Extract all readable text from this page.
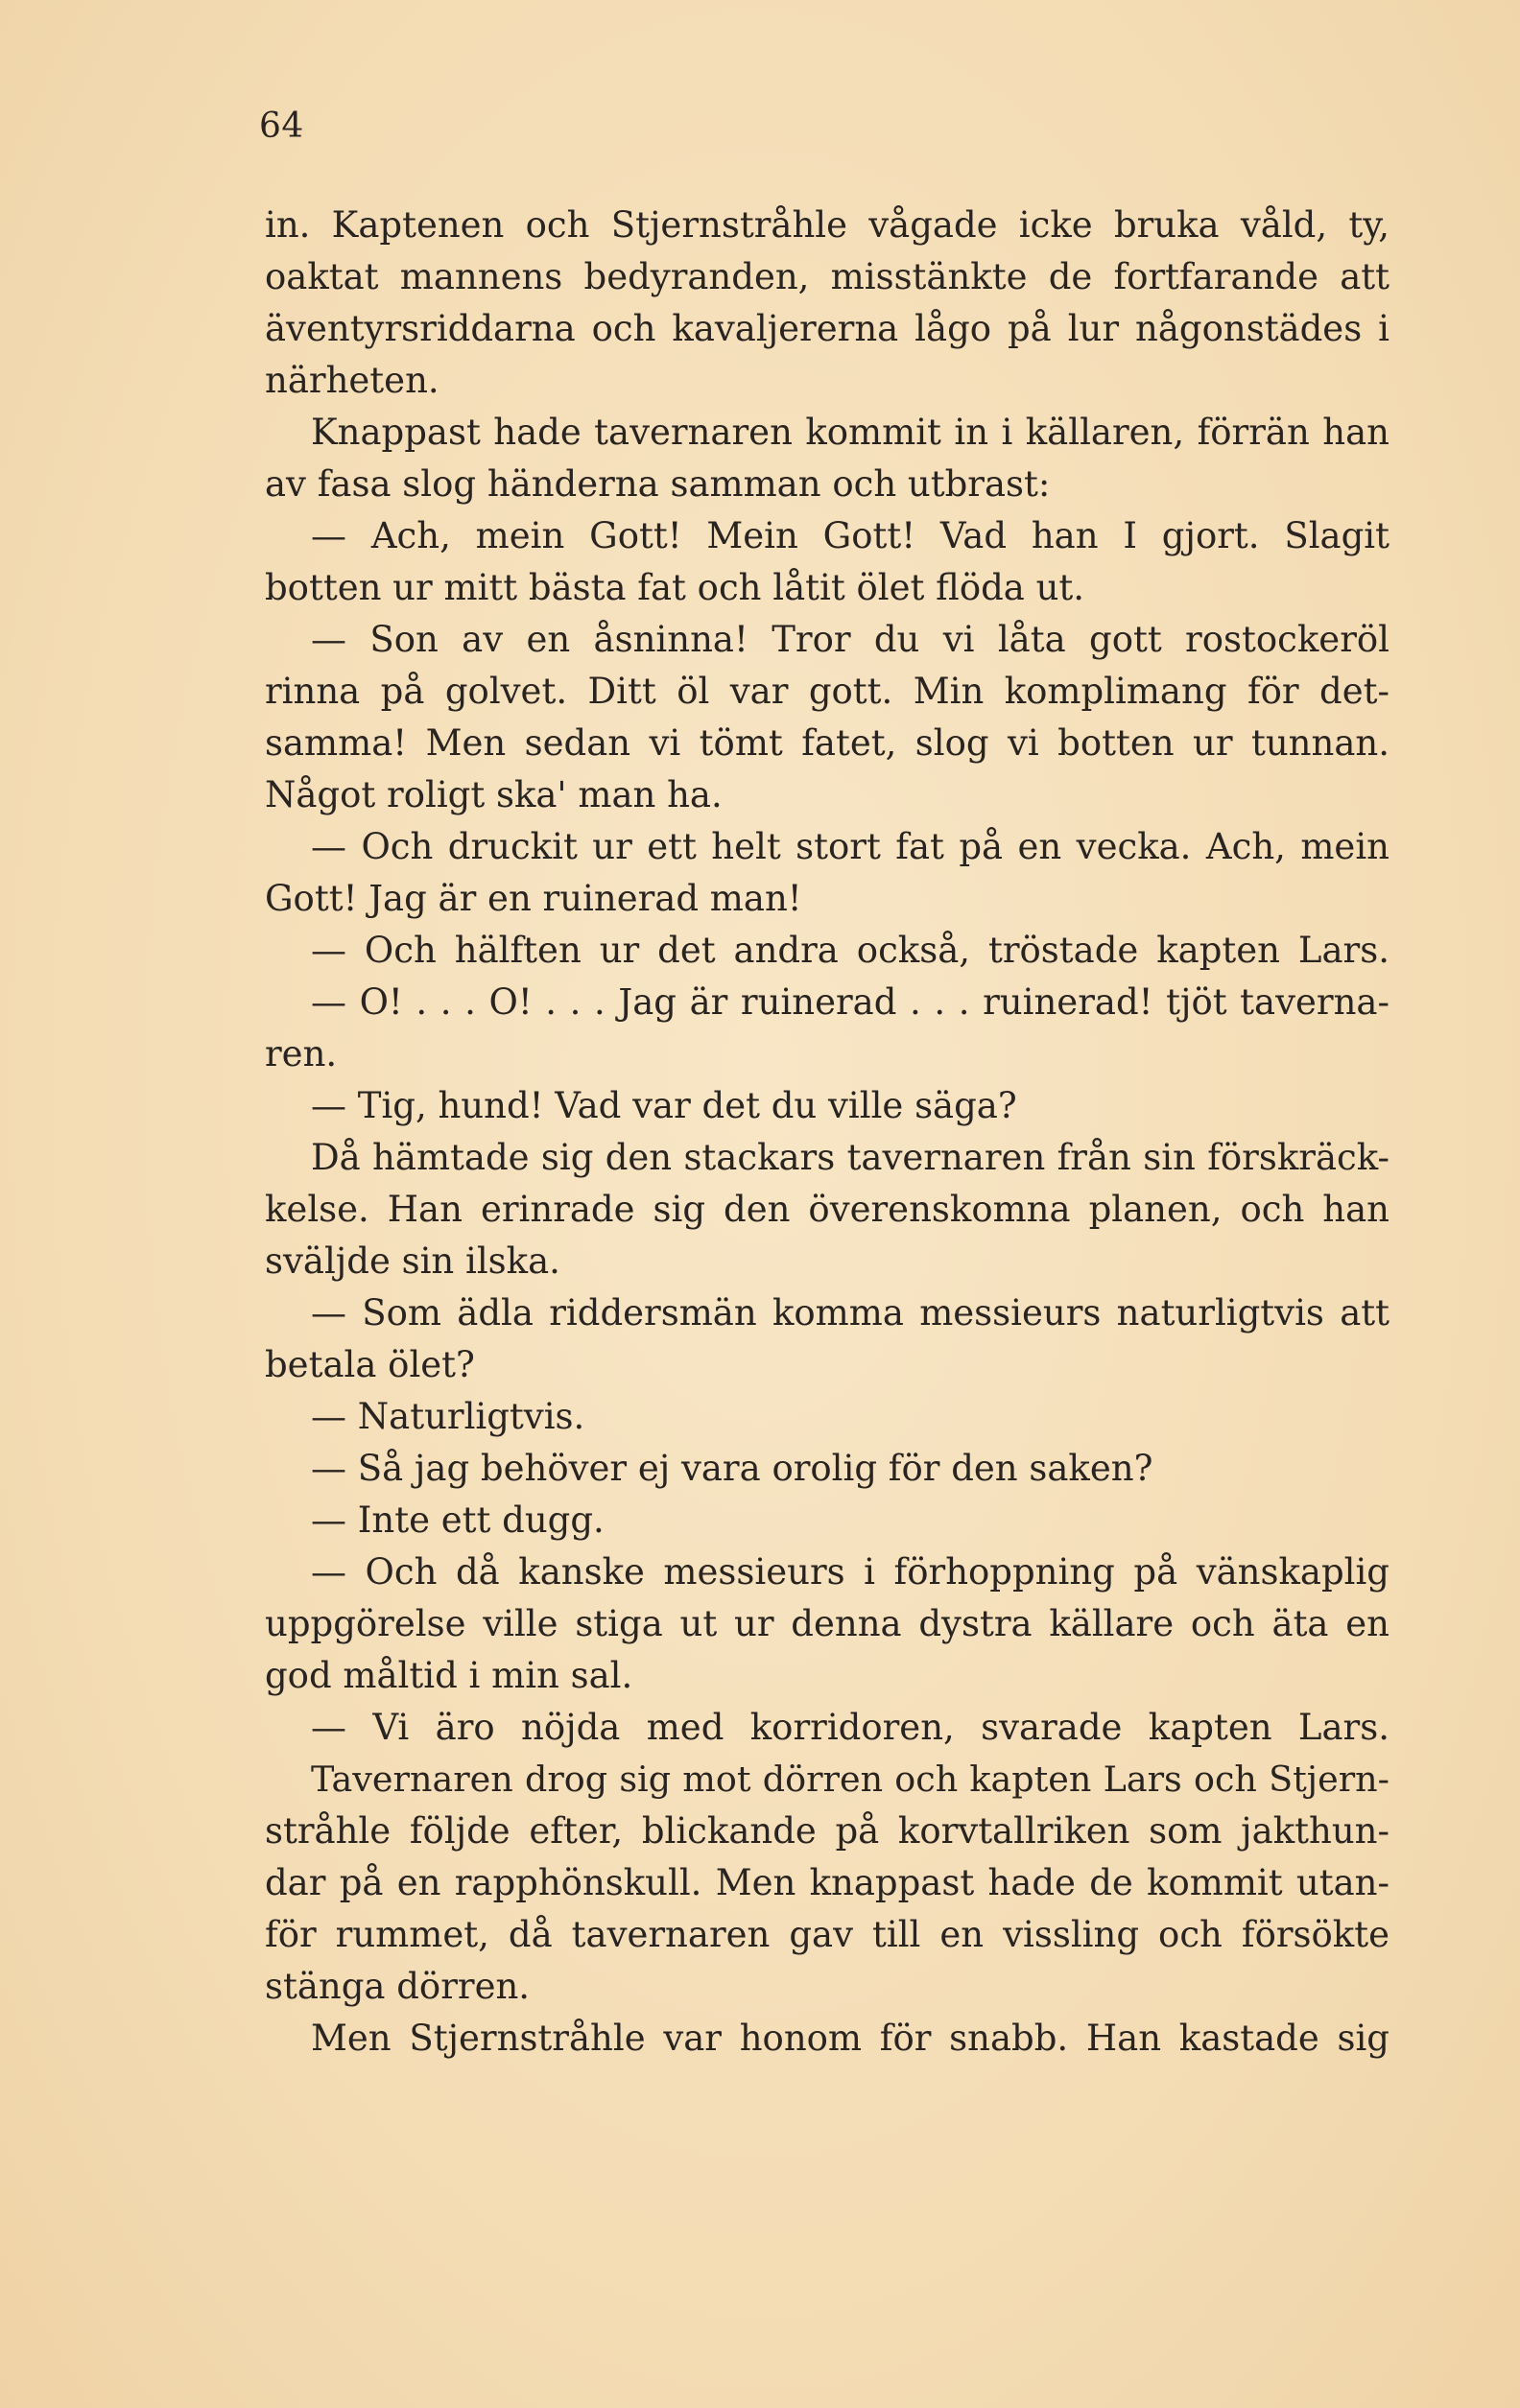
64
in. Kaptenen och Stjernstråhle vågade icke bruka våld, ty,
oaktat mannens bedyranden, misstänkte de fortfarande att
äventyrsriddarna och kavaljererna lågo på lur någonstädes i
närheten.
Knappast hade tavernaren kommit in i källaren, förrän han
av fasa slog händerna samman och utbrast:
— Ach, mein Gott! Mein Gott! Vad han I gjort. Slagit
botten ur mitt bästa fat och låtit ölet flöda ut.
— Son av en åsninna! Tror du vi låta gott rostockeröl
rinna på golvet. Ditt öl var gott. Min komplimang för det-
samma! Men sedan vi tömt fatet, slog vi botten ur tunnan.
Något roligt ska' man ha.
— Och druckit ur ett helt stort fat på en vecka. Ach, mein
Gott! Jag är en ruinerad man!
— Och hälften ur det andra också, tröstade kapten Lars.
— O! . . . O! . . . Jag är ruinerad . . . ruinerad! tjöt taverna-
ren.
— Tig, hund! Vad var det du ville säga?
Då hämtade sig den stackars tavernaren från sin förskräck-
kelse. Han erinrade sig den överenskomna planen, och han
sväljde sin ilska.
— Som ädla riddersmän komma messieurs naturligtvis att
betala ölet?
— Naturligtvis.
— Så jag behöver ej vara orolig för den saken?
— Inte ett dugg.
— Och då kanske messieurs i förhoppning på vänskaplig
uppgörelse ville stiga ut ur denna dystra källare och äta en
god måltid i min sal.
— Vi äro nöjda med korridoren, svarade kapten Lars.
Tavernaren drog sig mot dörren och kapten Lars och Stjern-
stråhle följde efter, blickande på korvtallriken som jakthun-
dar på en rapphönskull. Men knappast hade de kommit utan-
för rummet, då tavernaren gav till en vissling och försökte
stänga dörren.
Men Stjernstråhle var honom för snabb. Han kastade sig
